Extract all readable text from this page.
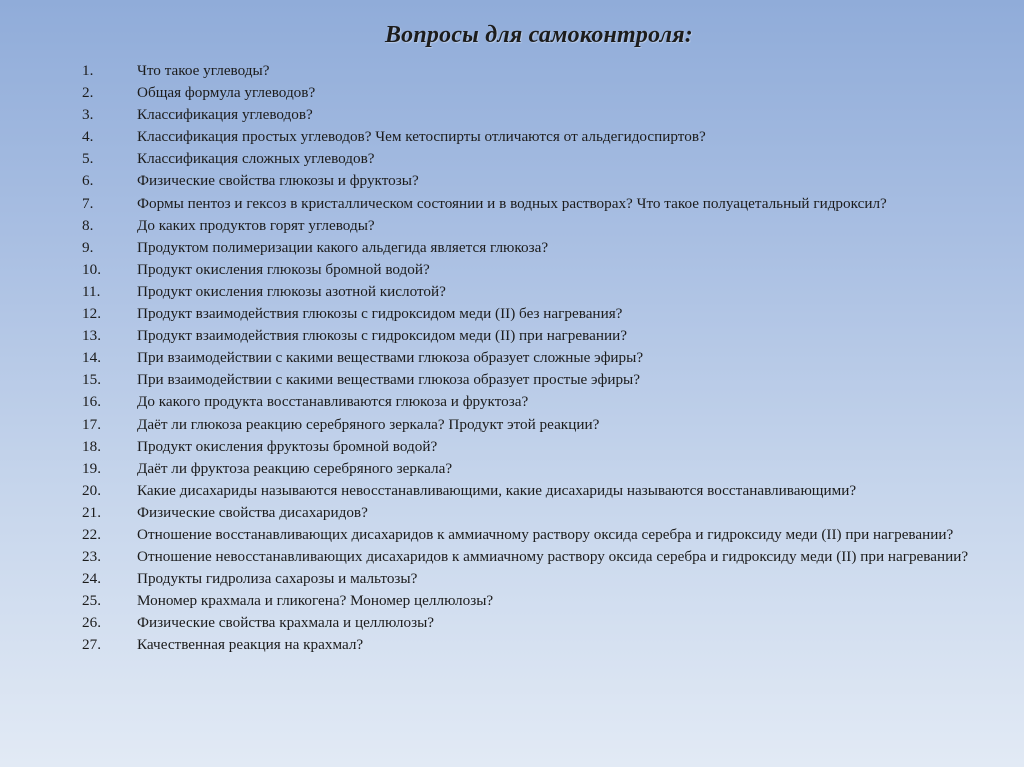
Вопросы для самоконтроля:
1.	Что такое углеводы?
2.	Общая формула углеводов?
3.	Классификация углеводов?
4.	Классификация простых углеводов? Чем кетоспирты отличаются от альдегидоспиртов?
5.	Классификация сложных углеводов?
6.	Физические свойства глюкозы и фруктозы?
7.	Формы пентоз и гексоз в кристаллическом состоянии и в водных растворах? Что такое полуацетальный гидроксил?
8.	До каких продуктов горят углеводы?
9.	Продуктом полимеризации какого альдегида является глюкоза?
10.	Продукт окисления глюкозы бромной водой?
11.	Продукт окисления глюкозы азотной кислотой?
12.	Продукт взаимодействия глюкозы с гидроксидом меди (II) без нагревания?
13.	Продукт взаимодействия глюкозы с гидроксидом меди (II) при нагревании?
14.	При взаимодействии с какими веществами глюкоза образует сложные эфиры?
15.	При взаимодействии с какими веществами глюкоза образует простые эфиры?
16.	До какого продукта восстанавливаются глюкоза и фруктоза?
17.	Даёт ли глюкоза реакцию серебряного зеркала? Продукт этой реакции?
18.	Продукт окисления фруктозы бромной водой?
19.	Даёт ли фруктоза реакцию серебряного зеркала?
20.	Какие дисахариды называются невосстанавливающими, какие дисахариды называются восстанавливающими?
21.	Физические свойства дисахаридов?
22.	Отношение восстанавливающих дисахаридов к аммиачному раствору оксида серебра и гидроксиду меди (II) при нагревании?
23.	Отношение невосстанавливающих дисахаридов к аммиачному раствору оксида серебра и гидроксиду меди (II) при нагревании?
24.	Продукты гидролиза сахарозы и мальтозы?
25.	Мономер крахмала и гликогена? Мономер целлюлозы?
26.	Физические свойства крахмала и целлюлозы?
27.	Качественная реакция на крахмал?
